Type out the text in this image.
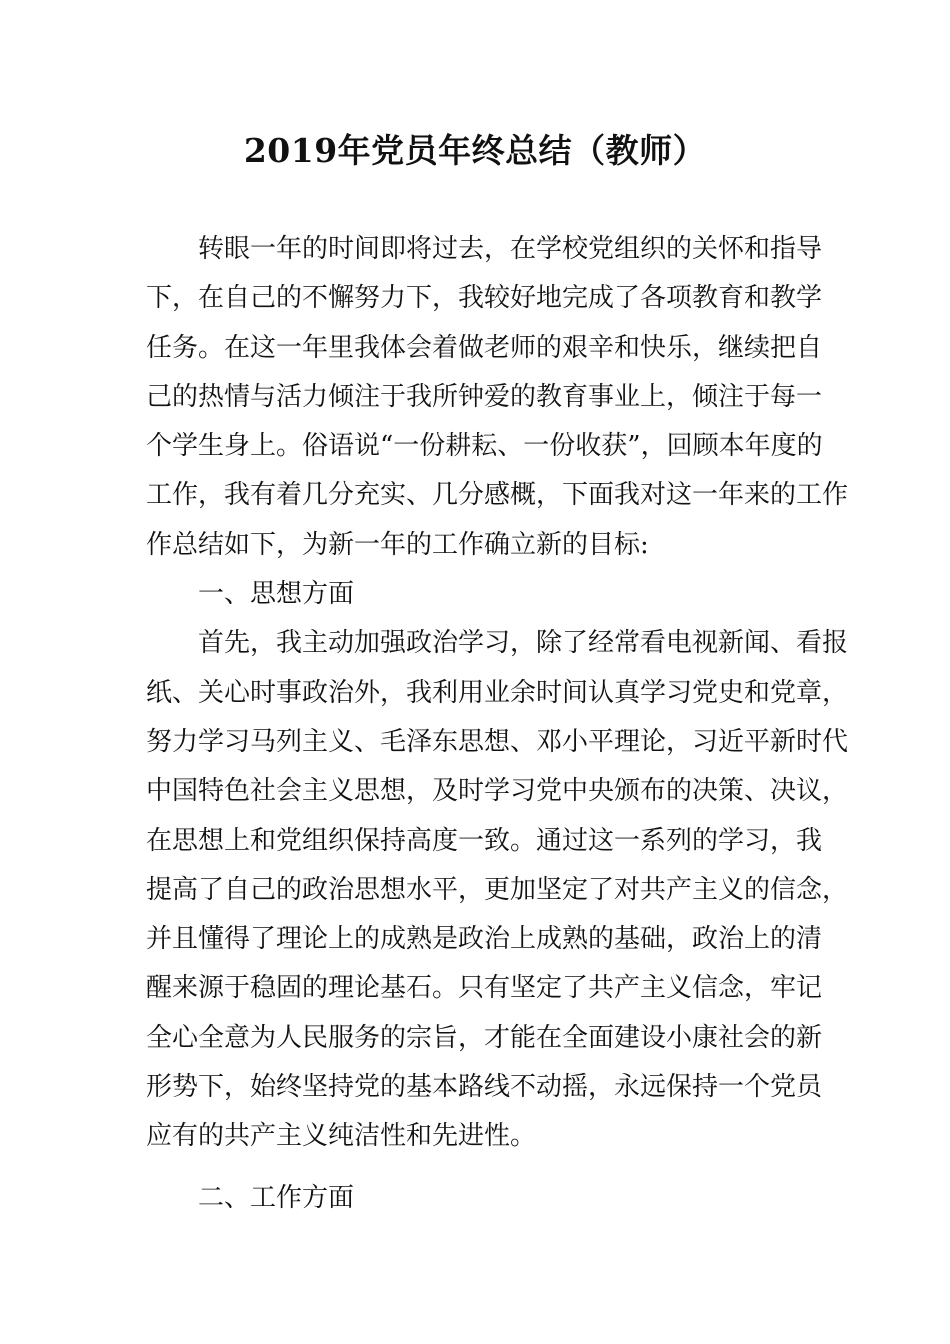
2019年党员年终总结（教师）

转眼一年的时间即将过去，在学校党组织的关怀和指导
下，在自己的不懈努力下，我较好地完成了各项教育和教学
任务。在这一年里我体会着做老师的艰辛和快乐，继续把自
己的热情与活力倾注于我所钟爱的教育事业上，倾注于每一
个学生身上。俗语说“一份耕耘、一份收获”，回顾本年度的
工作，我有着几分充实、几分感概，下面我对这一年来的工作
作总结如下，为新一年的工作确立新的目标:

一、思想方面

首先，我主动加强政治学习，除了经常看电视新闻、看报
纸、关心时事政治外，我利用业余时间认真学习党史和党章，
努力学习马列主义、毛泽东思想、邓小平理论，习近平新时代
中国特色社会主义思想，及时学习党中央颁布的决策、决议，
在思想上和党组织保持高度一致。通过这一系列的学习，我
提高了自己的政治思想水平，更加坚定了对共产主义的信念，
并且懂得了理论上的成熟是政治上成熟的基础，政治上的清
醒来源于稳固的理论基石。只有坚定了共产主义信念，牢记
全心全意为人民服务的宗旨，才能在全面建设小康社会的新
形势下，始终坚持党的基本路线不动摇，永远保持一个党员
应有的共产主义纯洁性和先进性。

二、工作方面
